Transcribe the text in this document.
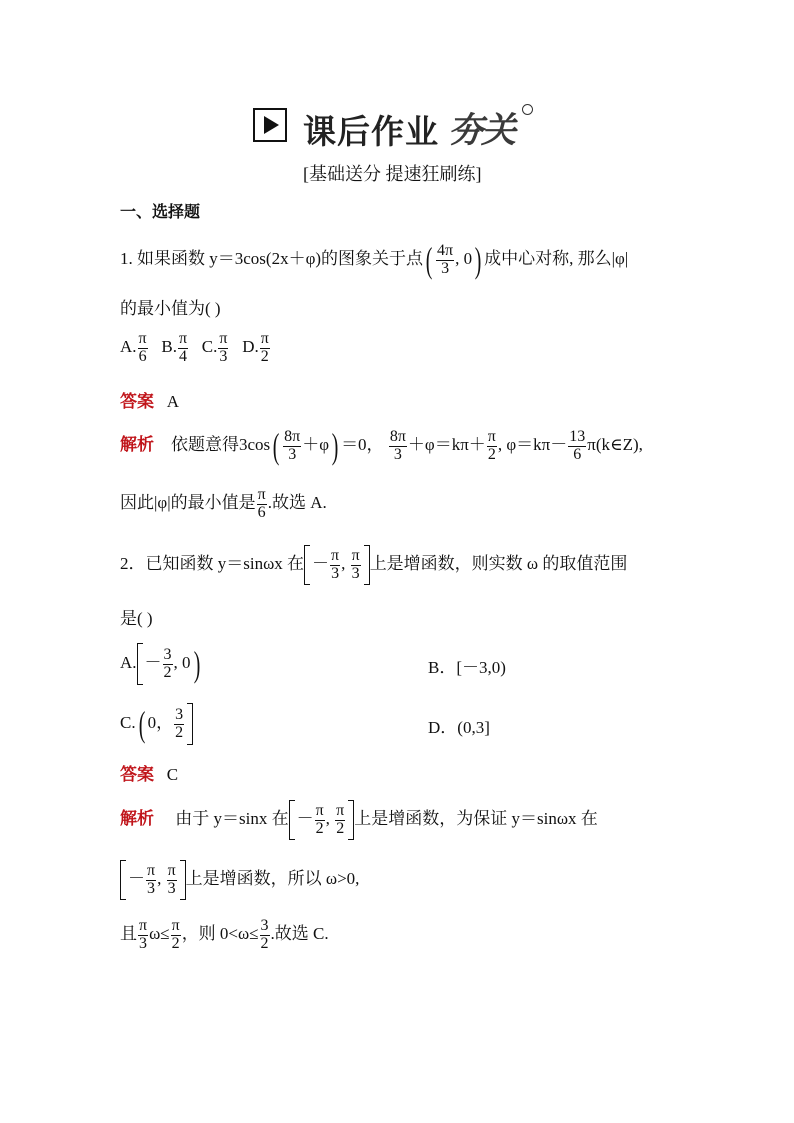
课后作业 夯关
[基础送分 提速狂刷练]
一、选择题
1. 如果函数 y＝3cos(2x＋φ)的图象关于点( $\frac{4\pi}{3}$ , 0) 成中心对称, 那么|φ|
的最小值为( )
A. $\frac{\pi}{6} B$. $\frac{\pi}{4} C$. $\frac{\pi}{3} D$. $\frac{\pi}{2}$
答案 A
解析 依题意得$3\cos( \frac{8\pi}{3} +\varphi) =0$， $\frac{8\pi}{3} +\varphi=k\pi+ \frac{\pi}{2}$ , $\varphi=k\pi- \frac{13}{6}$ π(k∈Z),
因此|φ|的最小值是 $\frac{\pi}{6}$ .故选 A.
2．已知函数 y＝sinωx 在 － $\frac{\pi}{3}$ , $\frac{\pi}{3}$ 上是增函数，则实数 ω 的取值范围
是( )
A. － $\frac{3}{2}$ , 0)	B．[－3,0)
C.( 0， $\frac{3}{2}$	D．(0,3]
答案 C
解析 由于 y＝sinx 在 － $\frac{\pi}{2}$ , $\frac{\pi}{2}$ 上是增函数，为保证 y＝sinωx 在
－ $\frac{\pi}{3}$ , $\frac{\pi}{3}$ 上是增函数，所以 ω>0,
且 $\frac{\pi}{3} \omega\le \frac{\pi}{2}$ ，则 $0<\omega\le \frac{3}{2}$ .故选 C.
